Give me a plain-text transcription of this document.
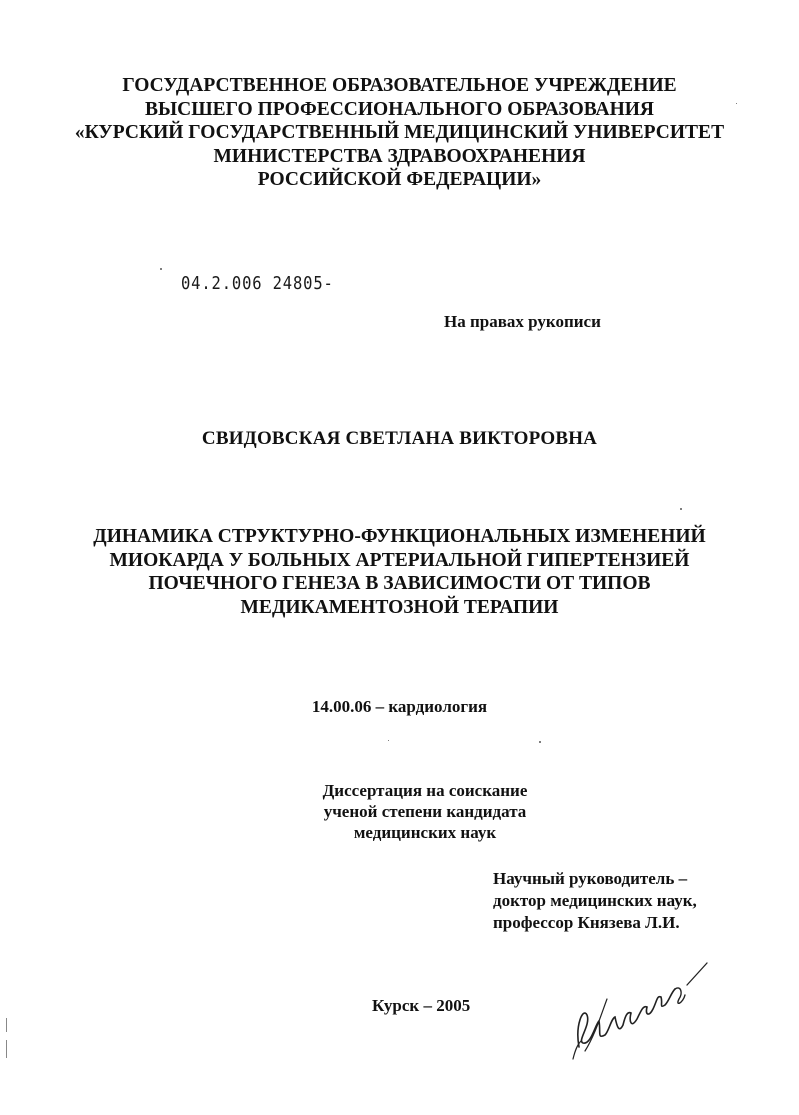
ГОСУДАРСТВЕННОЕ ОБРАЗОВАТЕЛЬНОЕ УЧРЕЖДЕНИЕ
ВЫСШЕГО ПРОФЕССИОНАЛЬНОГО ОБРАЗОВАНИЯ
«КУРСКИЙ ГОСУДАРСТВЕННЫЙ МЕДИЦИНСКИЙ УНИВЕРСИТЕТ
МИНИСТЕРСТВА ЗДРАВООХРАНЕНИЯ
РОССИЙСКОЙ ФЕДЕРАЦИИ»
04.2.006 24805-
На правах рукописи
СВИДОВСКАЯ СВЕТЛАНА ВИКТОРОВНА
ДИНАМИКА СТРУКТУРНО-ФУНКЦИОНАЛЬНЫХ ИЗМЕНЕНИЙ
МИОКАРДА У БОЛЬНЫХ АРТЕРИАЛЬНОЙ ГИПЕРТЕНЗИЕЙ
ПОЧЕЧНОГО ГЕНЕЗА В ЗАВИСИМОСТИ ОТ ТИПОВ
МЕДИКАМЕНТОЗНОЙ ТЕРАПИИ
14.00.06 – кардиология
Диссертация на соискание
ученой степени кандидата
медицинских наук
Научный руководитель –
доктор медицинских наук,
профессор Князева Л.И.
Курск – 2005
